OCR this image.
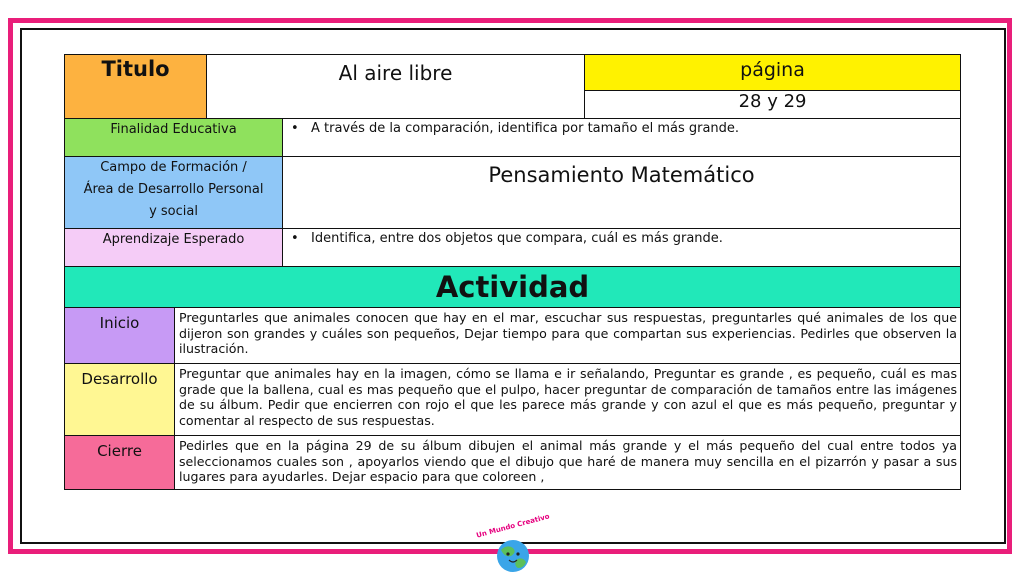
Titulo		Al aire libre		página
				28 y 29
Finalidad Educativa			• A través de la comparación, identifica por tamaño el más grande.	

Campo de Formación /
Área de Desarrollo Personal
y social			Pensamiento Matemático	
Aprendizaje Esperado			• Identifica, entre dos objetos que compara, cuál es más grande.	
Actividad				
Inicio	Preguntarles que animales conocen que hay en el mar, escuchar sus respuestas, preguntarles qué animales de los que dijeron son grandes y cuáles son pequeños, Dejar tiempo para que compartan sus experiencias. Pedirles que observen la ilustración.			
Desarrollo	Preguntar que animales hay en la imagen, cómo se llama e ir señalando, Preguntar es grande , es pequeño, cuál es mas grade que la ballena, cual es mas pequeño que el pulpo, hacer preguntar de comparación de tamaños entre las imágenes de su álbum. Pedir que encierren con rojo el que les parece más grande y con azul el que es más pequeño, preguntar y comentar al respecto de sus respuestas.			
Cierre	Pedirles que en la página 29 de su álbum dibujen el animal más grande y el más pequeño del cual entre todos ya seleccionamos cuales son , apoyarlos viendo que el dibujo que haré de manera muy sencilla en el pizarrón y pasar a sus lugares para ayudarles. Dejar espacio para que coloreen ,			
Un Mundo Creativo
